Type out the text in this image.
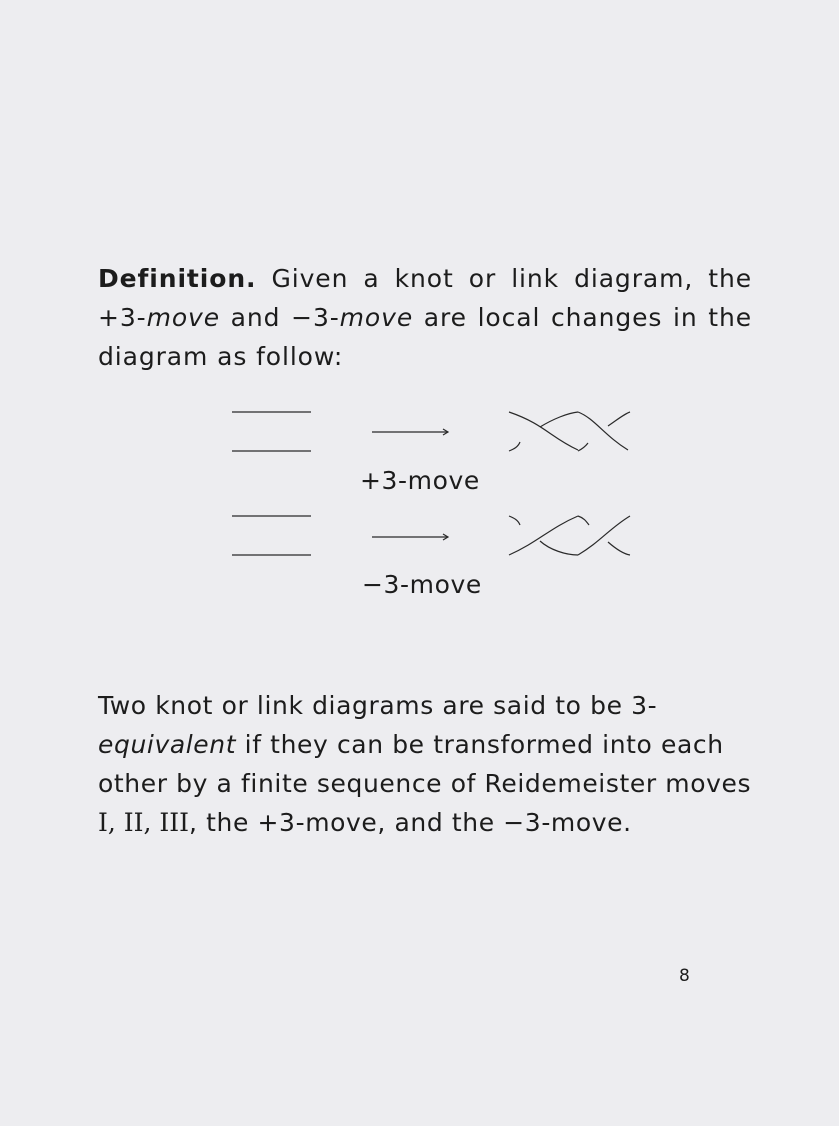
Definition. Given a knot or link diagram, the +3-move and −3-move are local changes in the diagram as follow:

+3-move
−3-move

Two knot or link diagrams are said to be 3-equivalent if they can be transformed into each other by a finite sequence of Reidemeister moves I, II, III, the +3-move, and the −3-move.

8
